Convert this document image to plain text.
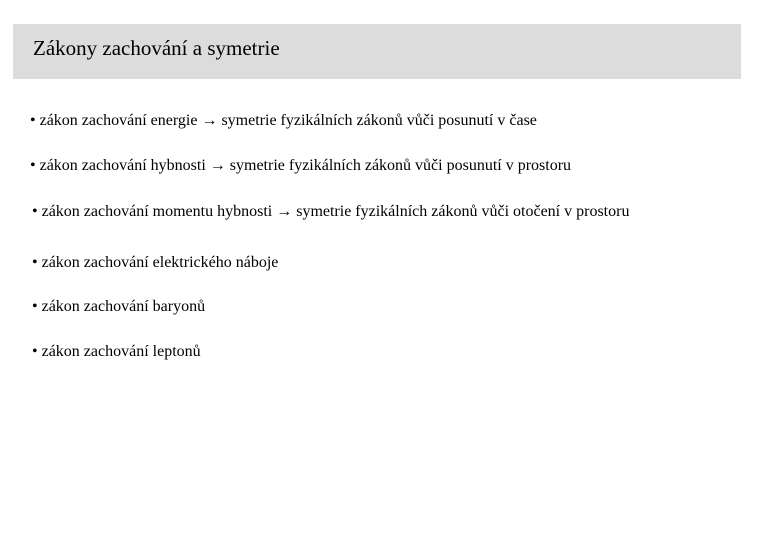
Zákony zachování a symetrie
• zákon zachování energie → symetrie fyzikálních zákonů vůči posunutí v čase
• zákon zachování hybnosti → symetrie fyzikálních zákonů vůči posunutí v prostoru
• zákon zachování momentu hybnosti → symetrie fyzikálních zákonů vůči otočení v prostoru
• zákon zachování elektrického náboje
• zákon zachování baryonů
• zákon zachování leptonů
